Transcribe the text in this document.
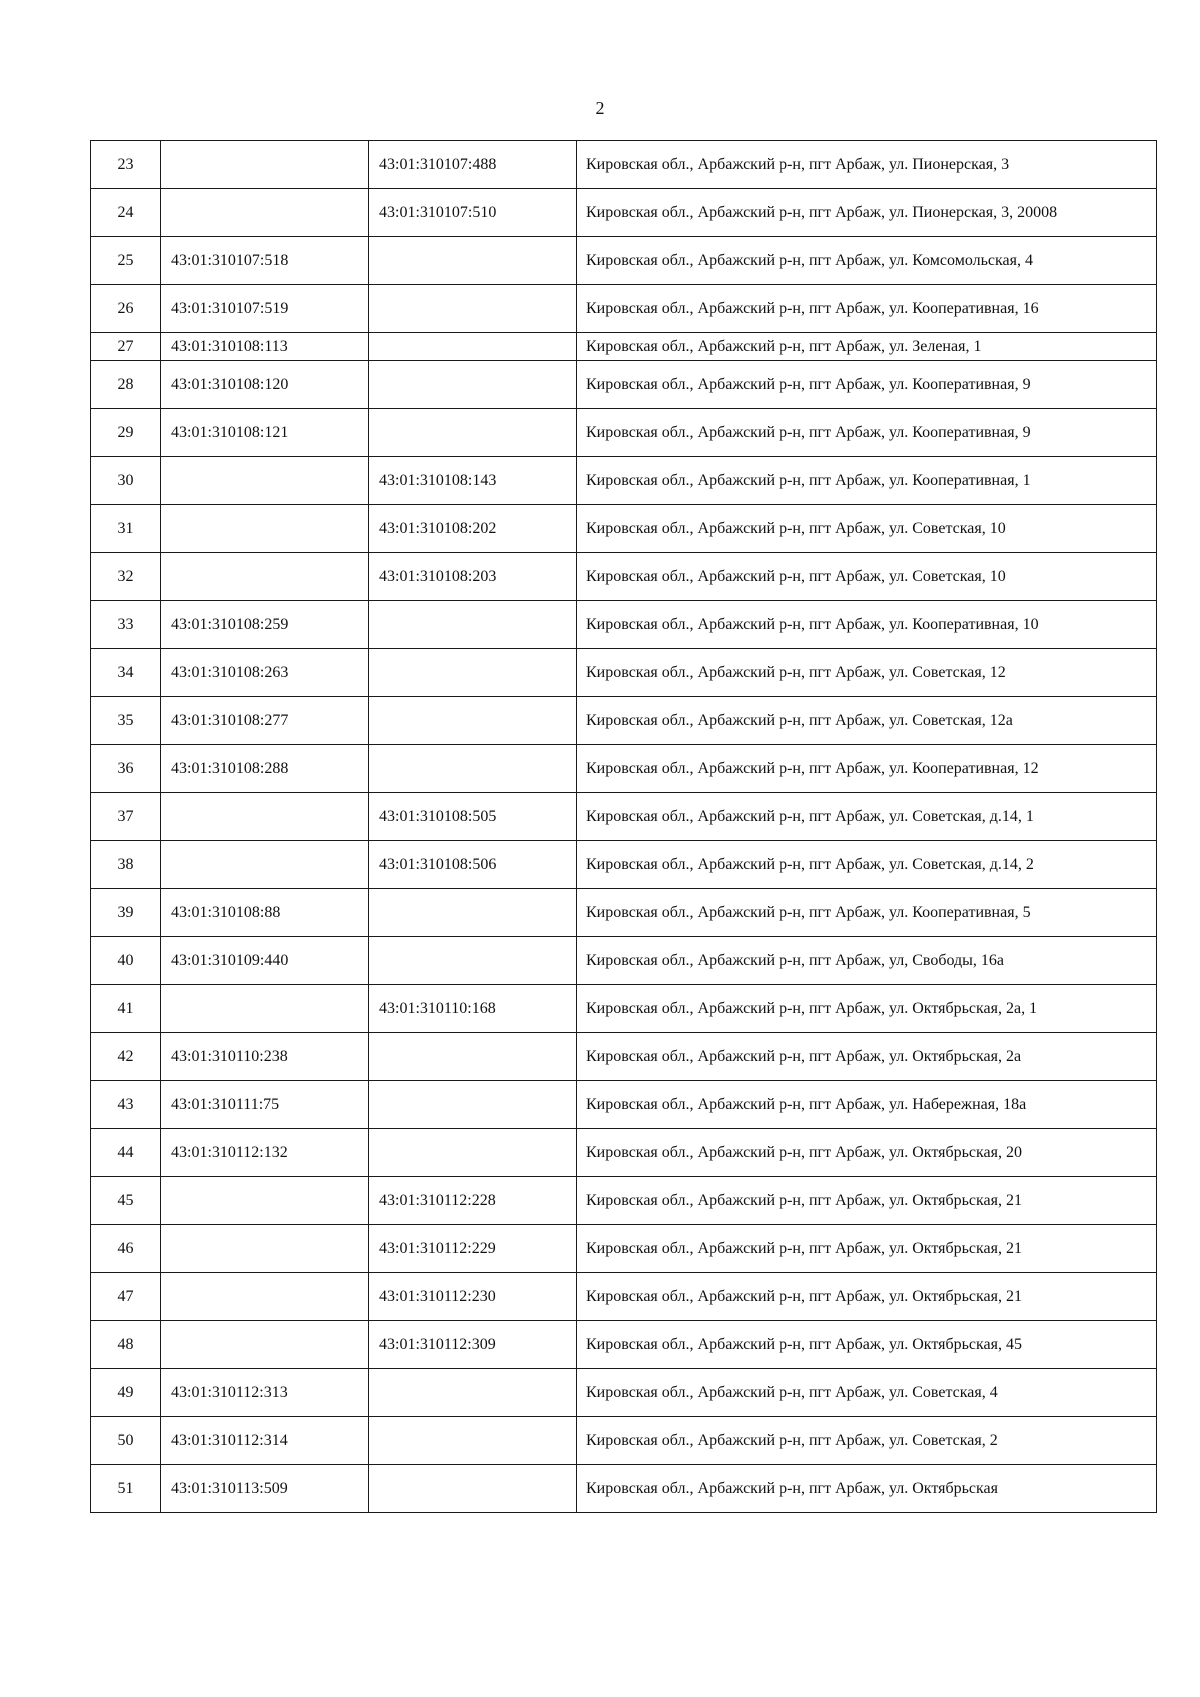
2
23		43:01:310107:488	Кировская обл., Арбажский р-н, пгт Арбаж, ул. Пионерская, 3
24		43:01:310107:510	Кировская обл., Арбажский р-н, пгт Арбаж, ул. Пионерская, 3, 20008
25	43:01:310107:518		Кировская обл., Арбажский р-н, пгт Арбаж, ул. Комсомольская, 4
26	43:01:310107:519		Кировская обл., Арбажский р-н, пгт Арбаж, ул. Кооперативная, 16
27	43:01:310108:113		Кировская обл., Арбажский р-н, пгт Арбаж, ул. Зеленая, 1
28	43:01:310108:120		Кировская обл., Арбажский р-н, пгт Арбаж, ул. Кооперативная, 9
29	43:01:310108:121		Кировская обл., Арбажский р-н, пгт Арбаж, ул. Кооперативная, 9
30		43:01:310108:143	Кировская обл., Арбажский р-н, пгт Арбаж, ул. Кооперативная, 1
31		43:01:310108:202	Кировская обл., Арбажский р-н, пгт Арбаж, ул. Советская, 10
32		43:01:310108:203	Кировская обл., Арбажский р-н, пгт Арбаж, ул. Советская, 10
33	43:01:310108:259		Кировская обл., Арбажский р-н, пгт Арбаж, ул. Кооперативная, 10
34	43:01:310108:263		Кировская обл., Арбажский р-н, пгт Арбаж, ул. Советская, 12
35	43:01:310108:277		Кировская обл., Арбажский р-н, пгт Арбаж, ул. Советская, 12а
36	43:01:310108:288		Кировская обл., Арбажский р-н, пгт Арбаж, ул. Кооперативная, 12
37		43:01:310108:505	Кировская обл., Арбажский р-н, пгт Арбаж, ул. Советская, д.14, 1
38		43:01:310108:506	Кировская обл., Арбажский р-н, пгт Арбаж, ул. Советская, д.14, 2
39	43:01:310108:88		Кировская обл., Арбажский р-н, пгт Арбаж, ул. Кооперативная, 5
40	43:01:310109:440		Кировская обл., Арбажский р-н, пгт Арбаж, ул, Свободы, 16а
41		43:01:310110:168	Кировская обл., Арбажский р-н, пгт Арбаж, ул. Октябрьская, 2а, 1
42	43:01:310110:238		Кировская обл., Арбажский р-н, пгт Арбаж, ул. Октябрьская, 2а
43	43:01:310111:75		Кировская обл., Арбажский р-н, пгт Арбаж, ул. Набережная, 18а
44	43:01:310112:132		Кировская обл., Арбажский р-н, пгт Арбаж, ул. Октябрьская, 20
45		43:01:310112:228	Кировская обл., Арбажский р-н, пгт Арбаж, ул. Октябрьская, 21
46		43:01:310112:229	Кировская обл., Арбажский р-н, пгт Арбаж, ул. Октябрьская, 21
47		43:01:310112:230	Кировская обл., Арбажский р-н, пгт Арбаж, ул. Октябрьская, 21
48		43:01:310112:309	Кировская обл., Арбажский р-н, пгт Арбаж, ул. Октябрьская, 45
49	43:01:310112:313		Кировская обл., Арбажский р-н, пгт Арбаж, ул. Советская, 4
50	43:01:310112:314		Кировская обл., Арбажский р-н, пгт Арбаж, ул. Советская, 2
51	43:01:310113:509		Кировская обл., Арбажский р-н, пгт Арбаж, ул. Октябрьская
